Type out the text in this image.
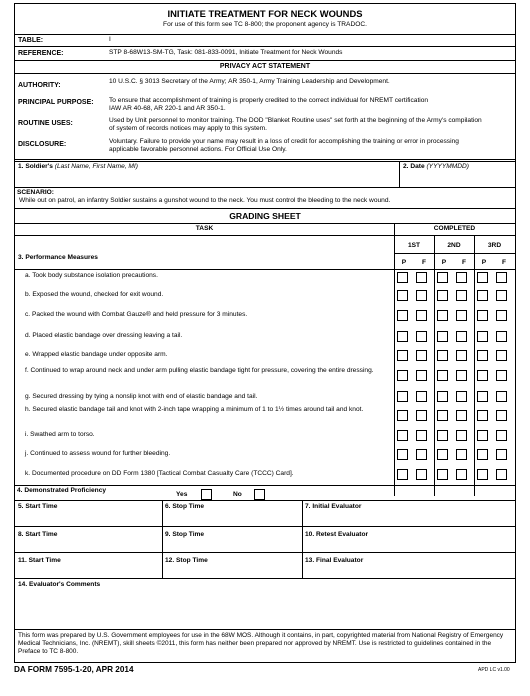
INITIATE TREATMENT FOR NECK WOUNDS
For use of this form see TC 8-800; the proponent agency is TRADOC.
TABLE:	I
REFERENCE:	STP 8-68W13-SM-TG, Task: 081-833-0091, Initiate Treatment for Neck Wounds
PRIVACY ACT STATEMENT
AUTHORITY:
10 U.S.C. § 3013 Secretary of the Army; AR 350-1, Army Training Leadership and Development.
PRINCIPAL PURPOSE: To ensure that accomplishment of training is properly credited to the correct individual for NREMT certification IAW AR 40-68, AR 220-1 and AR 350-1.
ROUTINE USES:	Used by Unit personnel to monitor training. The DOD "Blanket Routine uses" set forth at the beginning of the Army's compilation of system of records notices may apply to this system.
DISCLOSURE:	Voluntary. Failure to provide your name may result in a loss of credit for accomplishing the training or error in processing applicable favorable personnel actions. For Official Use Only.
1. Soldier's (Last Name, First Name, MI)	2. Date (YYYYMMDD)
SCENARIO:
While out on patrol, an infantry Soldier sustains a gunshot wound to the neck. You must control the bleeding to the neck wound.
GRADING SHEET
TASK	COMPLETED
1ST	2ND	3RD
3. Performance Measures
P	F	P	F	P	F
a. Took body substance isolation precautions.
b. Exposed the wound, checked for exit wound.
c. Packed the wound with Combat Gauze® and held pressure for 3 minutes.
d. Placed elastic bandage over dressing leaving a tail.
e. Wrapped elastic bandage under opposite arm.
f. Continued to wrap around neck and under arm pulling elastic bandage tight for pressure, covering the entire dressing.
g. Secured dressing by tying a nonslip knot with end of elastic bandage and tail.
h. Secured elastic bandage tail and knot with 2-inch tape wrapping a minimum of 1 to 1½ times around tail and knot.
i. Swathed arm to torso.
j. Continued to assess wound for further bleeding.
k. Documented procedure on DD Form 1380 [Tactical Combat Casualty Care (TCCC) Card].
4. Demonstrated Proficiency
Yes	No
5. Start Time	6. Stop Time	7. Initial Evaluator
8. Start Time	9. Stop Time	10. Retest Evaluator
11. Start Time	12. Stop Time	13. Final Evaluator
14. Evaluator's Comments
This form was prepared by U.S. Government employees for use in the 68W MOS. Although it contains, in part, copyrighted material from National Registry of Emergency Medical Technicians, Inc. (NREMT), skill sheets ©2011, this form has neither been prepared nor approved by NREMT. Use is restricted to guidelines contained in the Preface to TC 8-800.
DA FORM 7595-1-20, APR 2014	APD LC v1.00
